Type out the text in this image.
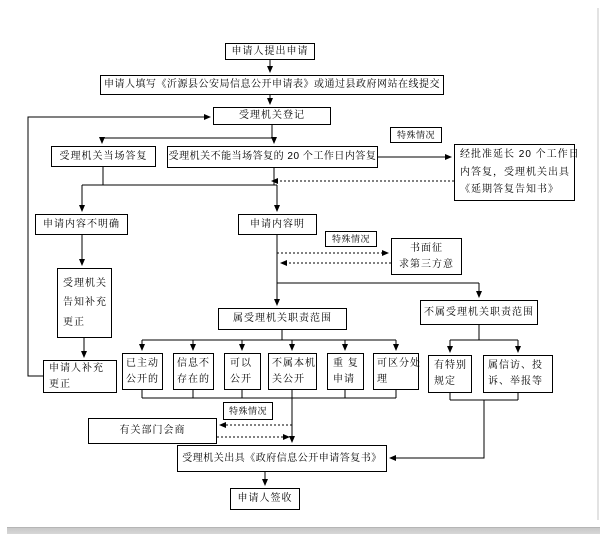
申请人提出申请
申请人填写《沂源县公安局信息公开申请表》或通过县政府网站在线提交
受理机关登记
特殊情况
经批准延长 20 个工作日
内答复，受理机关出具
《延期答复告知书》
受理机关当场答复 受理机关不能当场答复的 20 个工作日内答复
申请内容不明确	申请内容明
特殊情况
书面征
求第三方意
受理机关
告知补充
更正
申请人补充
更正
属受理机关职责范围
不属受理机关职责范围
已主动
公开的
信息不
存在的
可以
公开
不属本机
关公开
重 复
申请
可区分处
理
有特别
规定
属信访、投
诉、举报等
特殊情况
有关部门会商
受理机关出具《政府信息公开申请答复书》
申请人签收
